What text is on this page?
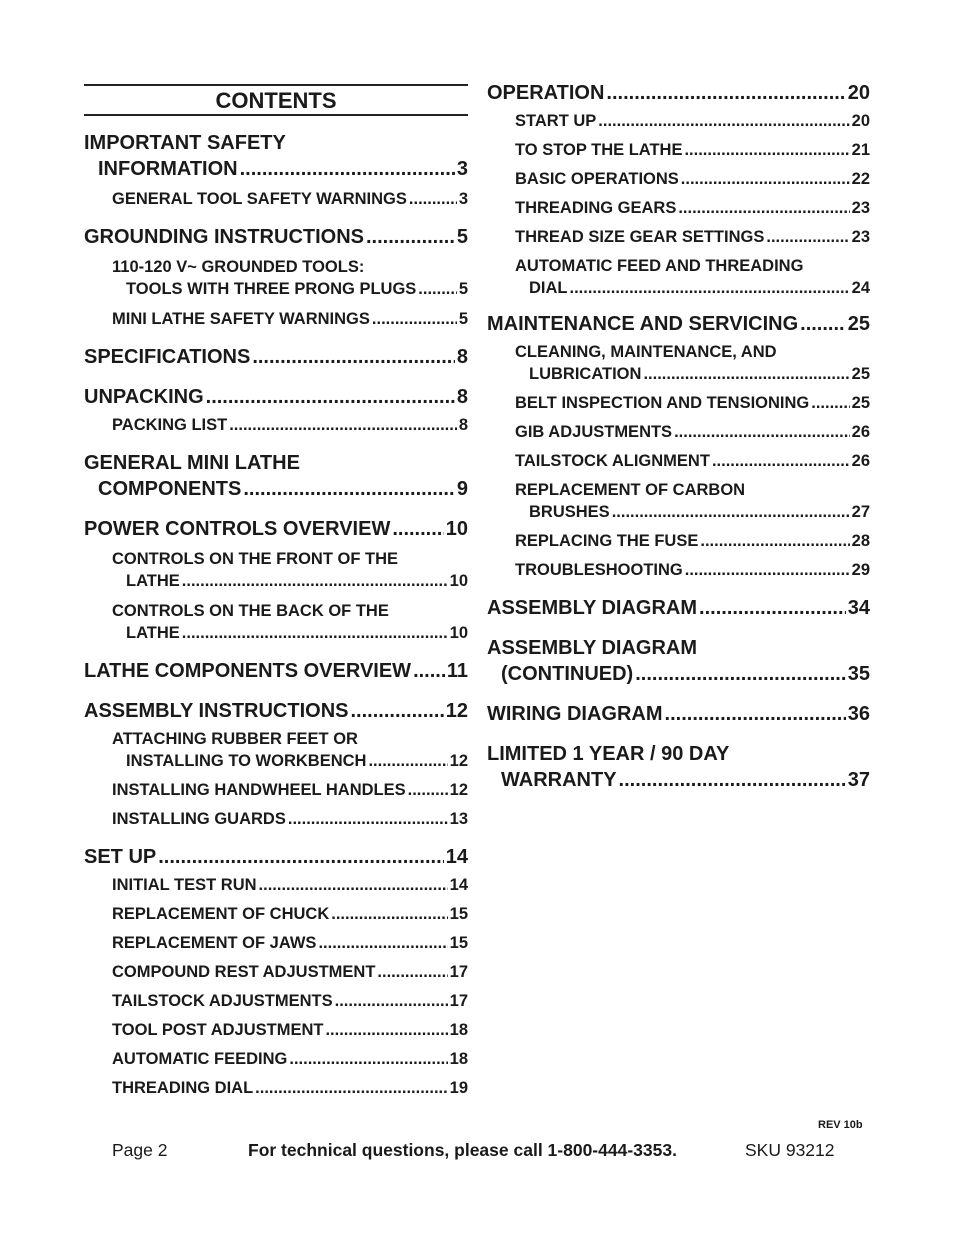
CONTENTS
IMPORTANT SAFETY
INFORMATION .....	3
GENERAL TOOL SAFETY WARNINGS .....	3
GROUNDING INSTRUCTIONS .....	5
110-120 V~ GROUNDED TOOLS:
TOOLS WITH THREE PRONG PLUGS .....	5
MINI LATHE SAFETY WARNINGS .....	5
SPECIFICATIONS .....	8
UNPACKING .....	8
PACKING LIST .....	8
GENERAL MINI LATHE
COMPONENTS .....	9
POWER CONTROLS OVERVIEW .....	10
CONTROLS ON THE FRONT OF THE
LATHE .....	10
CONTROLS ON THE BACK OF THE
LATHE .....	10
LATHE COMPONENTS OVERVIEW ..... 11
ASSEMBLY INSTRUCTIONS .....	12
ATTACHING RUBBER FEET OR
INSTALLING TO WORKBENCH .....	12
INSTALLING HANDWHEEL HANDLES .....	12
INSTALLING GUARDS .....	13
SET UP .....	14
INITIAL TEST RUN .....	14
REPLACEMENT OF CHUCK .....	15
REPLACEMENT OF JAWS .....	15
COMPOUND REST ADJUSTMENT .....	17
TAILSTOCK ADJUSTMENTS .....	17
TOOL POST ADJUSTMENT .....	18
AUTOMATIC FEEDING .....	18
THREADING DIAL .....	19
OPERATION .....	20
START UP .....	20
TO STOP THE LATHE .....	21
BASIC OPERATIONS .....	22
THREADING GEARS .....	23
THREAD SIZE GEAR SETTINGS .....	23
AUTOMATIC FEED AND THREADING
DIAL .....	24
MAINTENANCE AND SERVICING ..... 25
CLEANING, MAINTENANCE, AND
LUBRICATION .....	25
BELT INSPECTION AND TENSIONING .....	25
GIB ADJUSTMENTS .....	26
TAILSTOCK ALIGNMENT .....	26
REPLACEMENT OF CARBON
BRUSHES .....	27
REPLACING THE FUSE .....	28
TROUBLESHOOTING .....	29
ASSEMBLY DIAGRAM .....	34
ASSEMBLY DIAGRAM
(CONTINUED) .....	35
WIRING DIAGRAM .....	36
LIMITED 1 YEAR / 90 DAY
WARRANTY .....	37
REV 10b
Page 2	For technical questions, please call 1-800-444-3353.	SKU 93212
